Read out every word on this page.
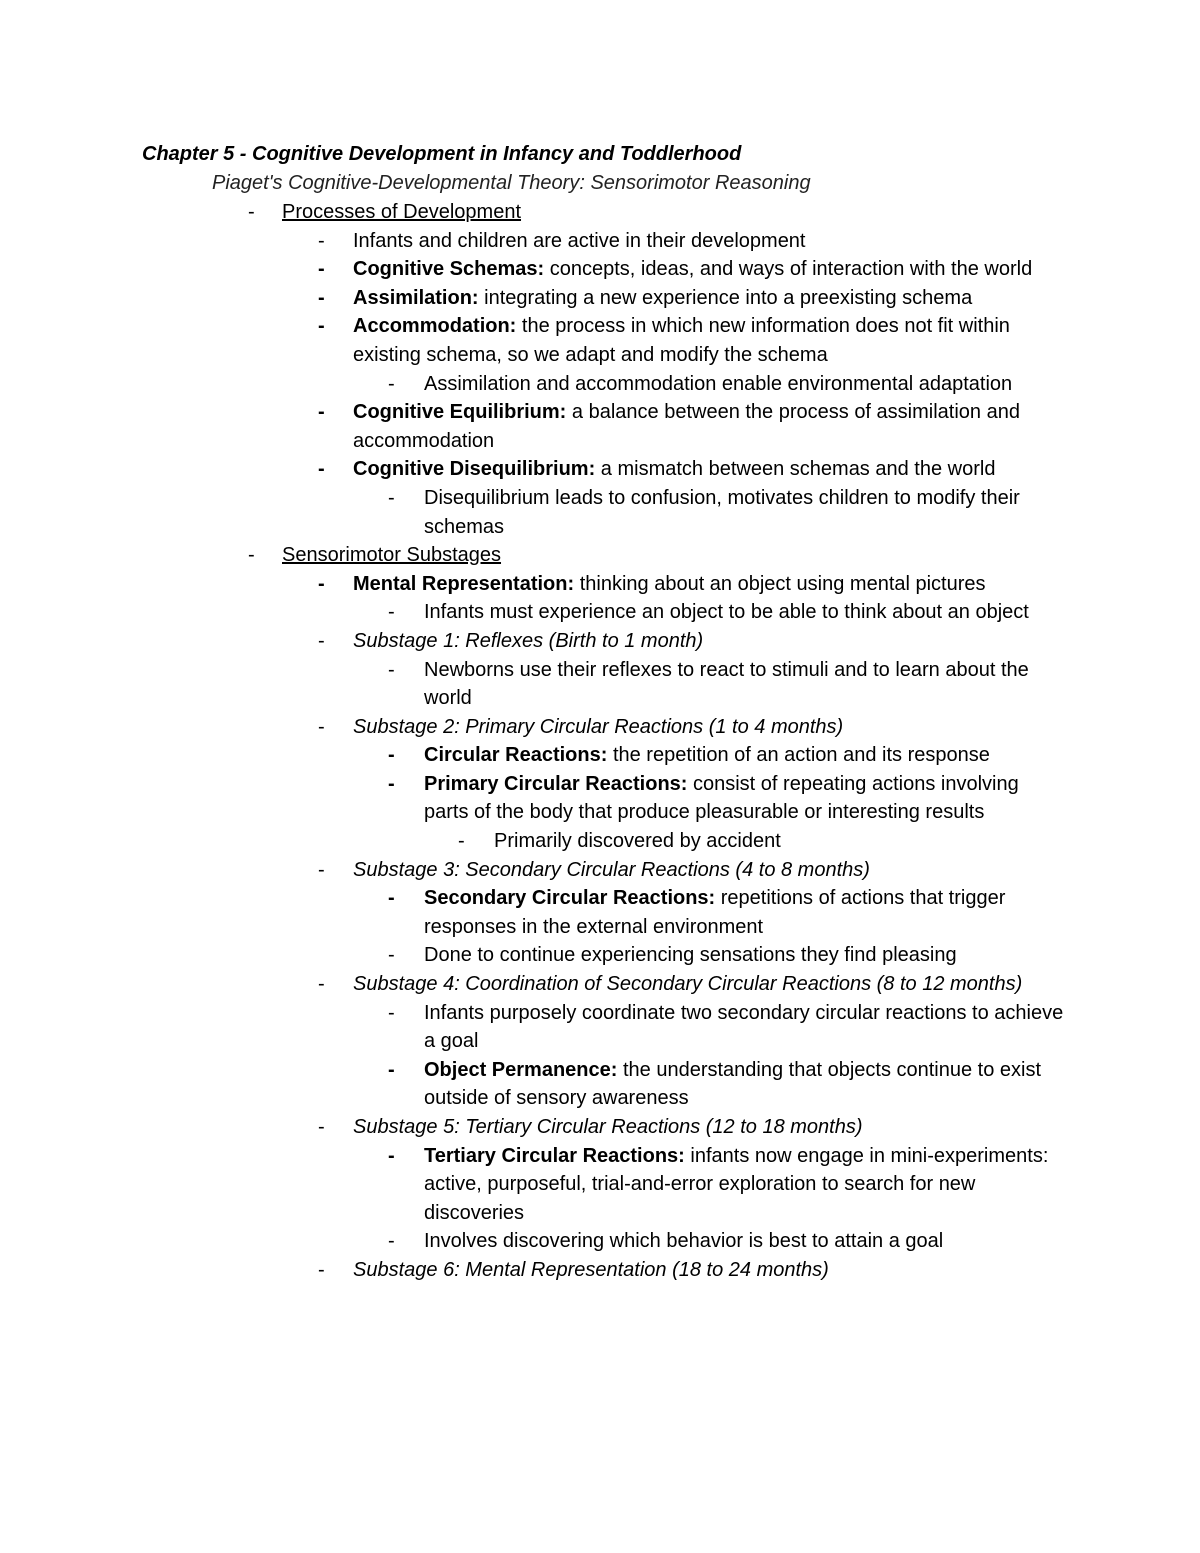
Chapter 5 - Cognitive Development in Infancy and Toddlerhood
Piaget's Cognitive-Developmental Theory: Sensorimotor Reasoning
- Processes of Development
- Infants and children are active in their development
- Cognitive Schemas: concepts, ideas, and ways of interaction with the world
- Assimilation: integrating a new experience into a preexisting schema
- Accommodation: the process in which new information does not fit within existing schema, so we adapt and modify the schema
- Assimilation and accommodation enable environmental adaptation
- Cognitive Equilibrium: a balance between the process of assimilation and accommodation
- Cognitive Disequilibrium: a mismatch between schemas and the world
- Disequilibrium leads to confusion, motivates children to modify their schemas
- Sensorimotor Substages
- Mental Representation: thinking about an object using mental pictures
- Infants must experience an object to be able to think about an object
- Substage 1: Reflexes (Birth to 1 month)
- Newborns use their reflexes to react to stimuli and to learn about the world
- Substage 2: Primary Circular Reactions (1 to 4 months)
- Circular Reactions: the repetition of an action and its response
- Primary Circular Reactions: consist of repeating actions involving parts of the body that produce pleasurable or interesting results
- Primarily discovered by accident
- Substage 3: Secondary Circular Reactions (4 to 8 months)
- Secondary Circular Reactions: repetitions of actions that trigger responses in the external environment
- Done to continue experiencing sensations they find pleasing
- Substage 4: Coordination of Secondary Circular Reactions (8 to 12 months)
- Infants purposely coordinate two secondary circular reactions to achieve a goal
- Object Permanence: the understanding that objects continue to exist outside of sensory awareness
- Substage 5: Tertiary Circular Reactions (12 to 18 months)
- Tertiary Circular Reactions: infants now engage in mini-experiments: active, purposeful, trial-and-error exploration to search for new discoveries
- Involves discovering which behavior is best to attain a goal
- Substage 6: Mental Representation (18 to 24 months)
